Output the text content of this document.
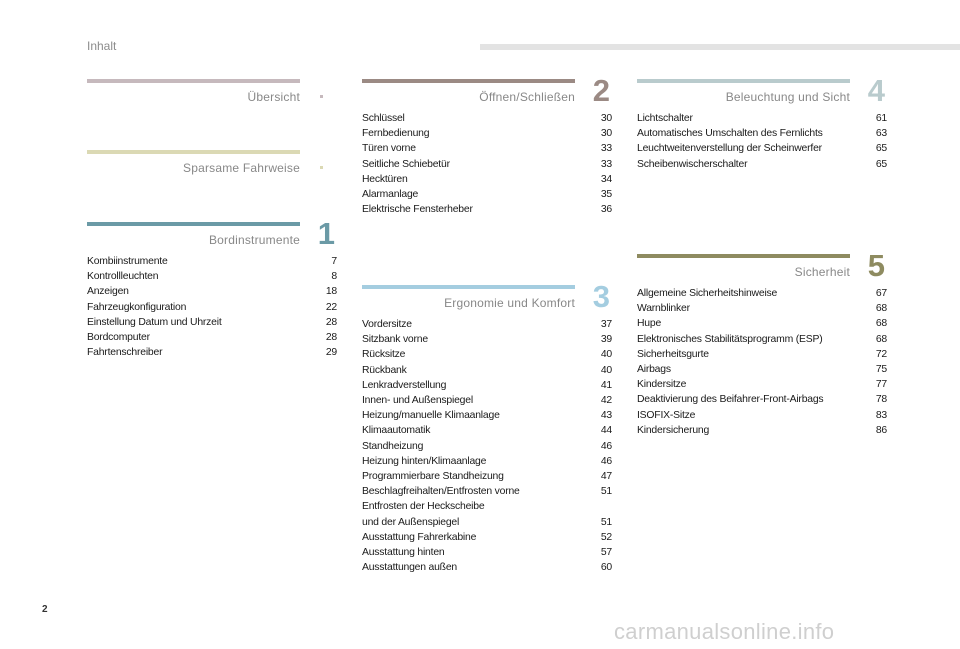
Inhalt
Übersicht
Sparsame Fahrweise
Bordinstrumente 1
Kombiinstrumente	7
Kontrollleuchten	8
Anzeigen	18
Fahrzeugkonfiguration	22
Einstellung Datum und Uhrzeit	28
Bordcomputer	28
Fahrtenschreiber	29
Öffnen/Schließen 2
Schlüssel	30
Fernbedienung	30
Türen vorne	33
Seitliche Schiebetür	33
Hecktüren	34
Alarmanlage	35
Elektrische Fensterheber	36
Ergonomie und Komfort 3
Vordersitze	37
Sitzbank vorne	39
Rücksitze	40
Rückbank	40
Lenkradverstellung	41
Innen- und Außenspiegel	42
Heizung/manuelle Klimaanlage	43
Klimaautomatik	44
Standheizung	46
Heizung hinten/Klimaanlage	46
Programmierbare Standheizung	47
Beschlagfreihalten/Entfrosten vorne	51
Entfrosten der Heckscheibe
und der Außenspiegel	51
Ausstattung Fahrerkabine	52
Ausstattung hinten	57
Ausstattungen außen	60
Beleuchtung und Sicht 4
Lichtschalter	61
Automatisches Umschalten des Fernlichts	63
Leuchtweitenverstellung der Scheinwerfer	65
Scheibenwischerschalter	65
Sicherheit 5
Allgemeine Sicherheitshinweise	67
Warnblinker	68
Hupe	68
Elektronisches Stabilitätsprogramm (ESP)	68
Sicherheitsgurte	72
Airbags	75
Kindersitze	77
Deaktivierung des Beifahrer-Front-Airbags	78
ISOFIX-Sitze	83
Kindersicherung	86
2
carmanualsonline.info
